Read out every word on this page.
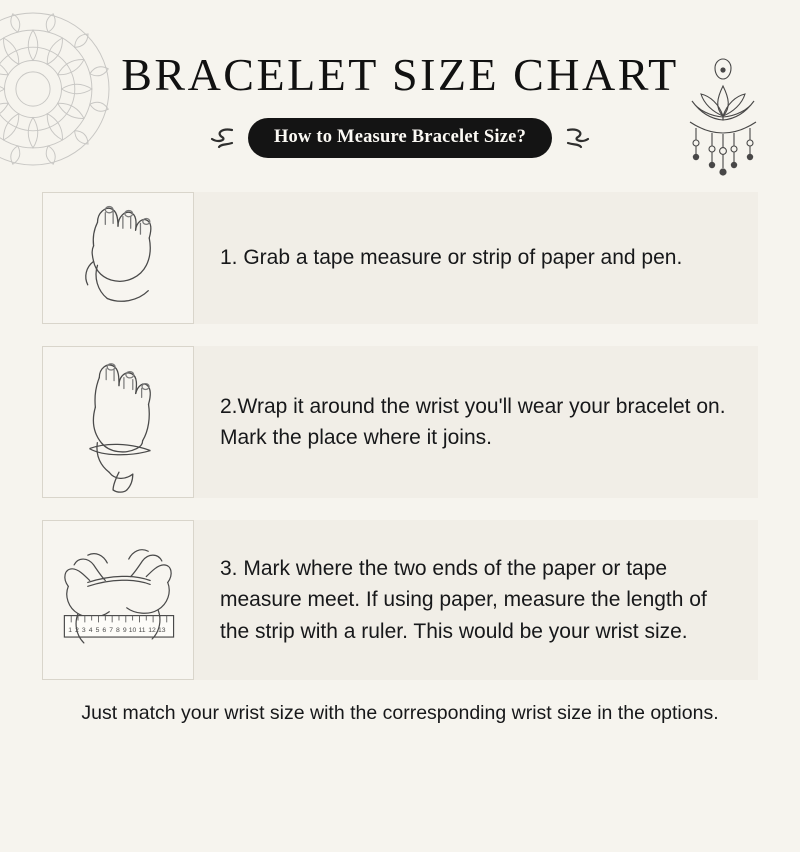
BRACELET SIZE CHART
How to Measure Bracelet Size?
1. Grab a tape measure or strip of paper and pen.
2.Wrap it around the wrist you'll wear your bracelet on. Mark the place where it joins.
1 2 3 4 5 6 7 8 9 10 11 12 13
3. Mark where the two ends of the paper or tape measure meet. If using paper, measure the length of the strip with a ruler. This would be your wrist size.
Just match your wrist size with the corresponding wrist size in the options.
